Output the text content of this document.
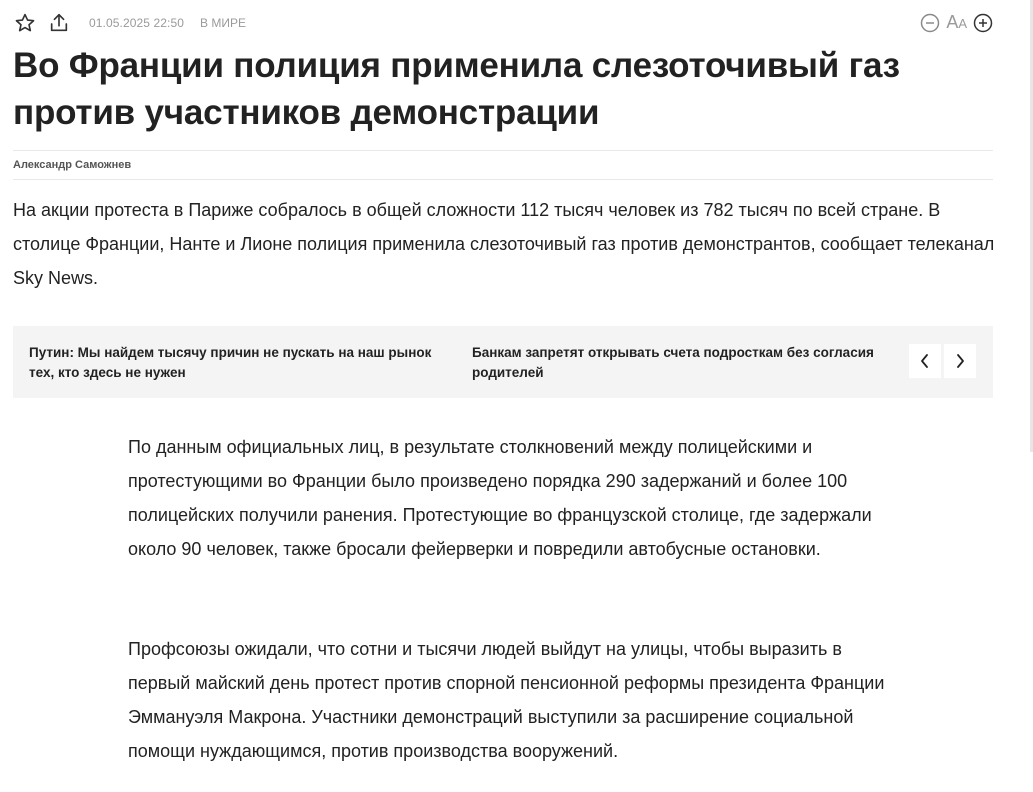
01.05.2025 22:50 В МИРЕ	AA
Во Франции полиция применила слезоточивый газ против участников демонстрации
Александр Саможнев

На акции протеста в Париже собралось в общей сложности 112 тысяч человек из 782 тысяч по всей стране. В столице Франции, Нанте и Лионе полиция применила слезоточивый газ против демонстрантов, сообщает телеканал Sky News.

Путин: Мы найдем тысячу причин не пускать на наш рынок тех, кто здесь не нужен
Банкам запретят открывать счета подросткам без согласия родителей

По данным официальных лиц, в результате столкновений между полицейскими и протестующими во Франции было произведено порядка 290 задержаний и более 100 полицейских получили ранения. Протестующие во французской столице, где задержали около 90 человек, также бросали фейерверки и повредили автобусные остановки.

Профсоюзы ожидали, что сотни и тысячи людей выйдут на улицы, чтобы выразить в первый майский день протест против спорной пенсионной реформы президента Франции Эммануэля Макрона. Участники демонстраций выступили за расширение социальной помощи нуждающимся, против производства вооружений.
